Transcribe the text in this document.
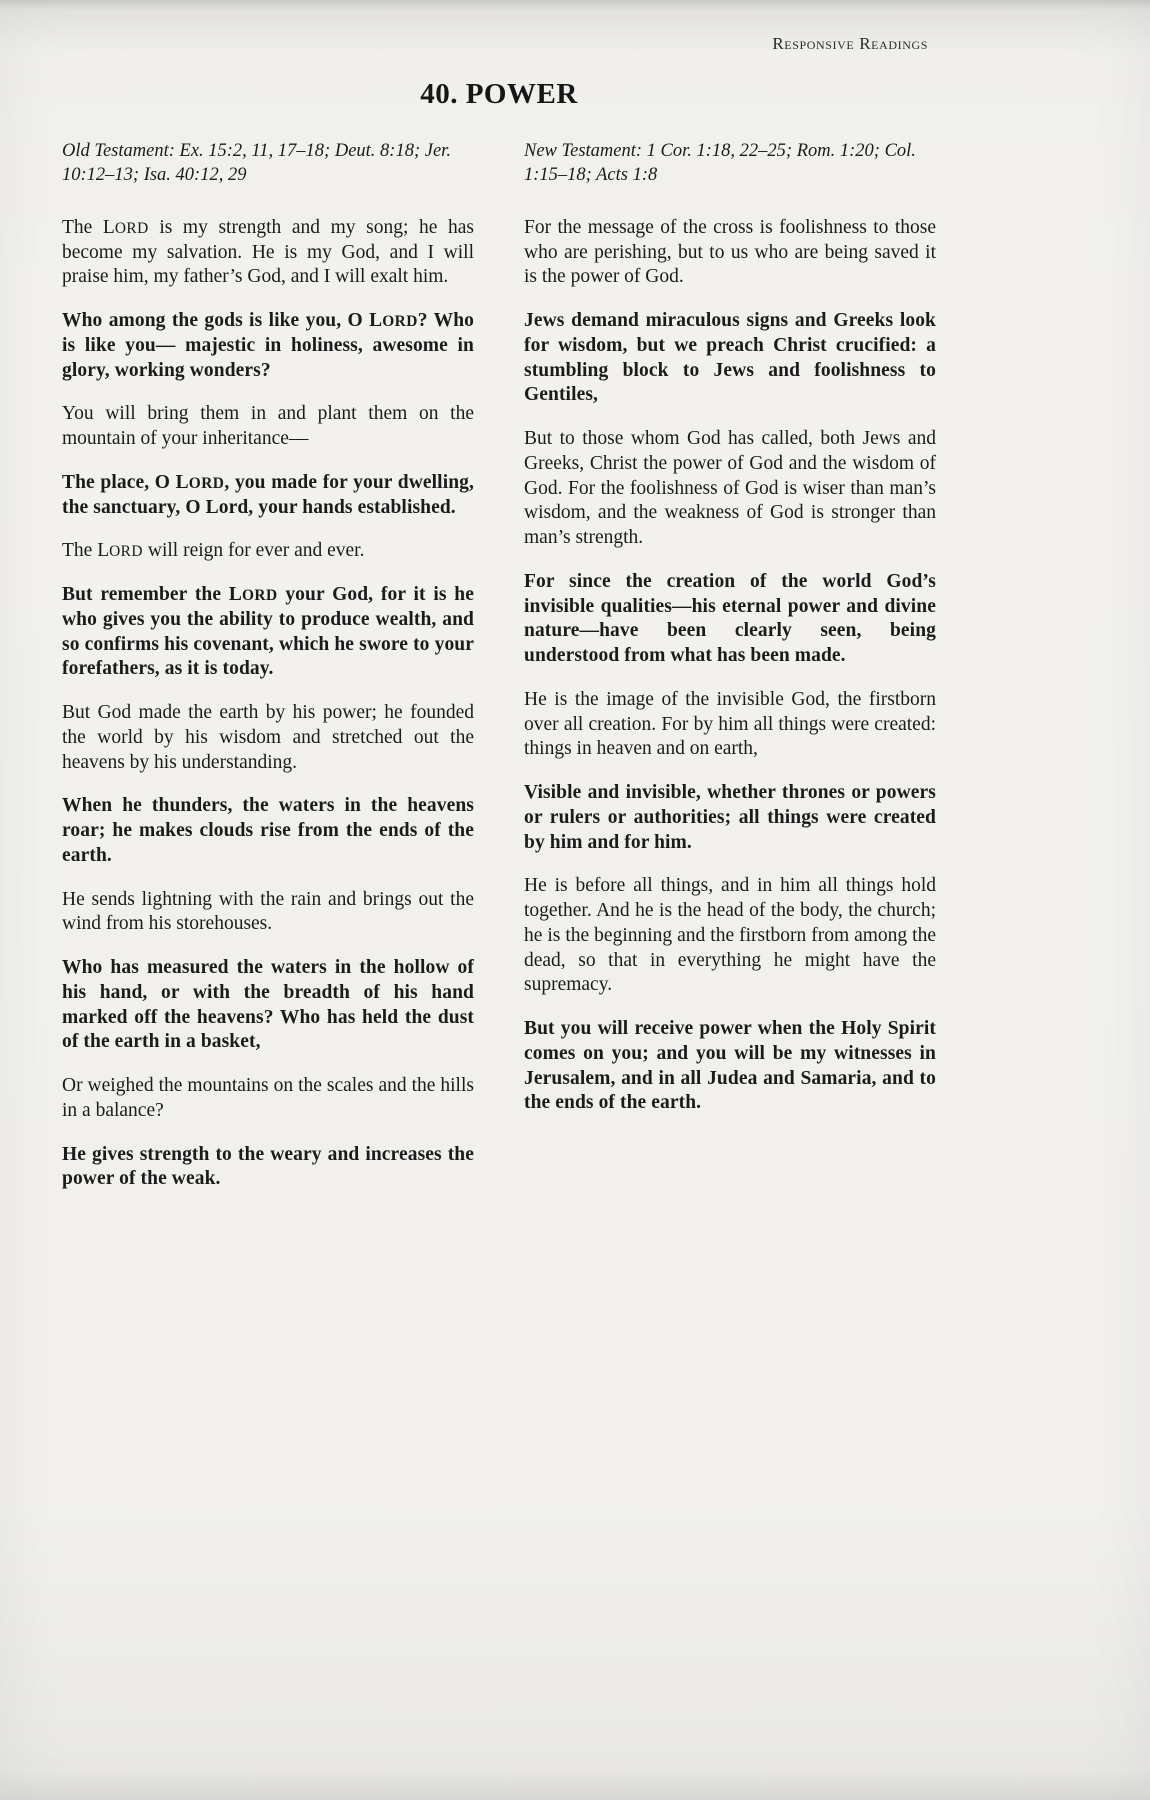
Responsive Readings
40. POWER

Old Testament: Ex. 15:2, 11, 17–18; Deut. 8:18; Jer. 10:12–13; Isa. 40:12, 29

The LORD is my strength and my song; he has become my salvation. He is my God, and I will praise him, my father’s God, and I will exalt him.

Who among the gods is like you, O LORD? Who is like you— majestic in holiness, awesome in glory, working wonders?

You will bring them in and plant them on the mountain of your inheritance—

The place, O LORD, you made for your dwelling, the sanctuary, O Lord, your hands established.

The LORD will reign for ever and ever.

But remember the LORD your God, for it is he who gives you the ability to produce wealth, and so confirms his covenant, which he swore to your forefathers, as it is today.

But God made the earth by his power; he founded the world by his wisdom and stretched out the heavens by his understanding.

When he thunders, the waters in the heavens roar; he makes clouds rise from the ends of the earth.

He sends lightning with the rain and brings out the wind from his storehouses.

Who has measured the waters in the hollow of his hand, or with the breadth of his hand marked off the heavens? Who has held the dust of the earth in a basket,

Or weighed the mountains on the scales and the hills in a balance?

He gives strength to the weary and increases the power of the weak.

New Testament: 1 Cor. 1:18, 22–25; Rom. 1:20; Col. 1:15–18; Acts 1:8

For the message of the cross is foolishness to those who are perishing, but to us who are being saved it is the power of God.

Jews demand miraculous signs and Greeks look for wisdom, but we preach Christ crucified: a stumbling block to Jews and foolishness to Gentiles,

But to those whom God has called, both Jews and Greeks, Christ the power of God and the wisdom of God. For the foolishness of God is wiser than man’s wisdom, and the weakness of God is stronger than man’s strength.

For since the creation of the world God’s invisible qualities—his eternal power and divine nature—have been clearly seen, being understood from what has been made.

He is the image of the invisible God, the firstborn over all creation. For by him all things were created: things in heaven and on earth,

Visible and invisible, whether thrones or powers or rulers or authorities; all things were created by him and for him.

He is before all things, and in him all things hold together. And he is the head of the body, the church; he is the beginning and the firstborn from among the dead, so that in everything he might have the supremacy.

But you will receive power when the Holy Spirit comes on you; and you will be my witnesses in Jerusalem, and in all Judea and Samaria, and to the ends of the earth.
